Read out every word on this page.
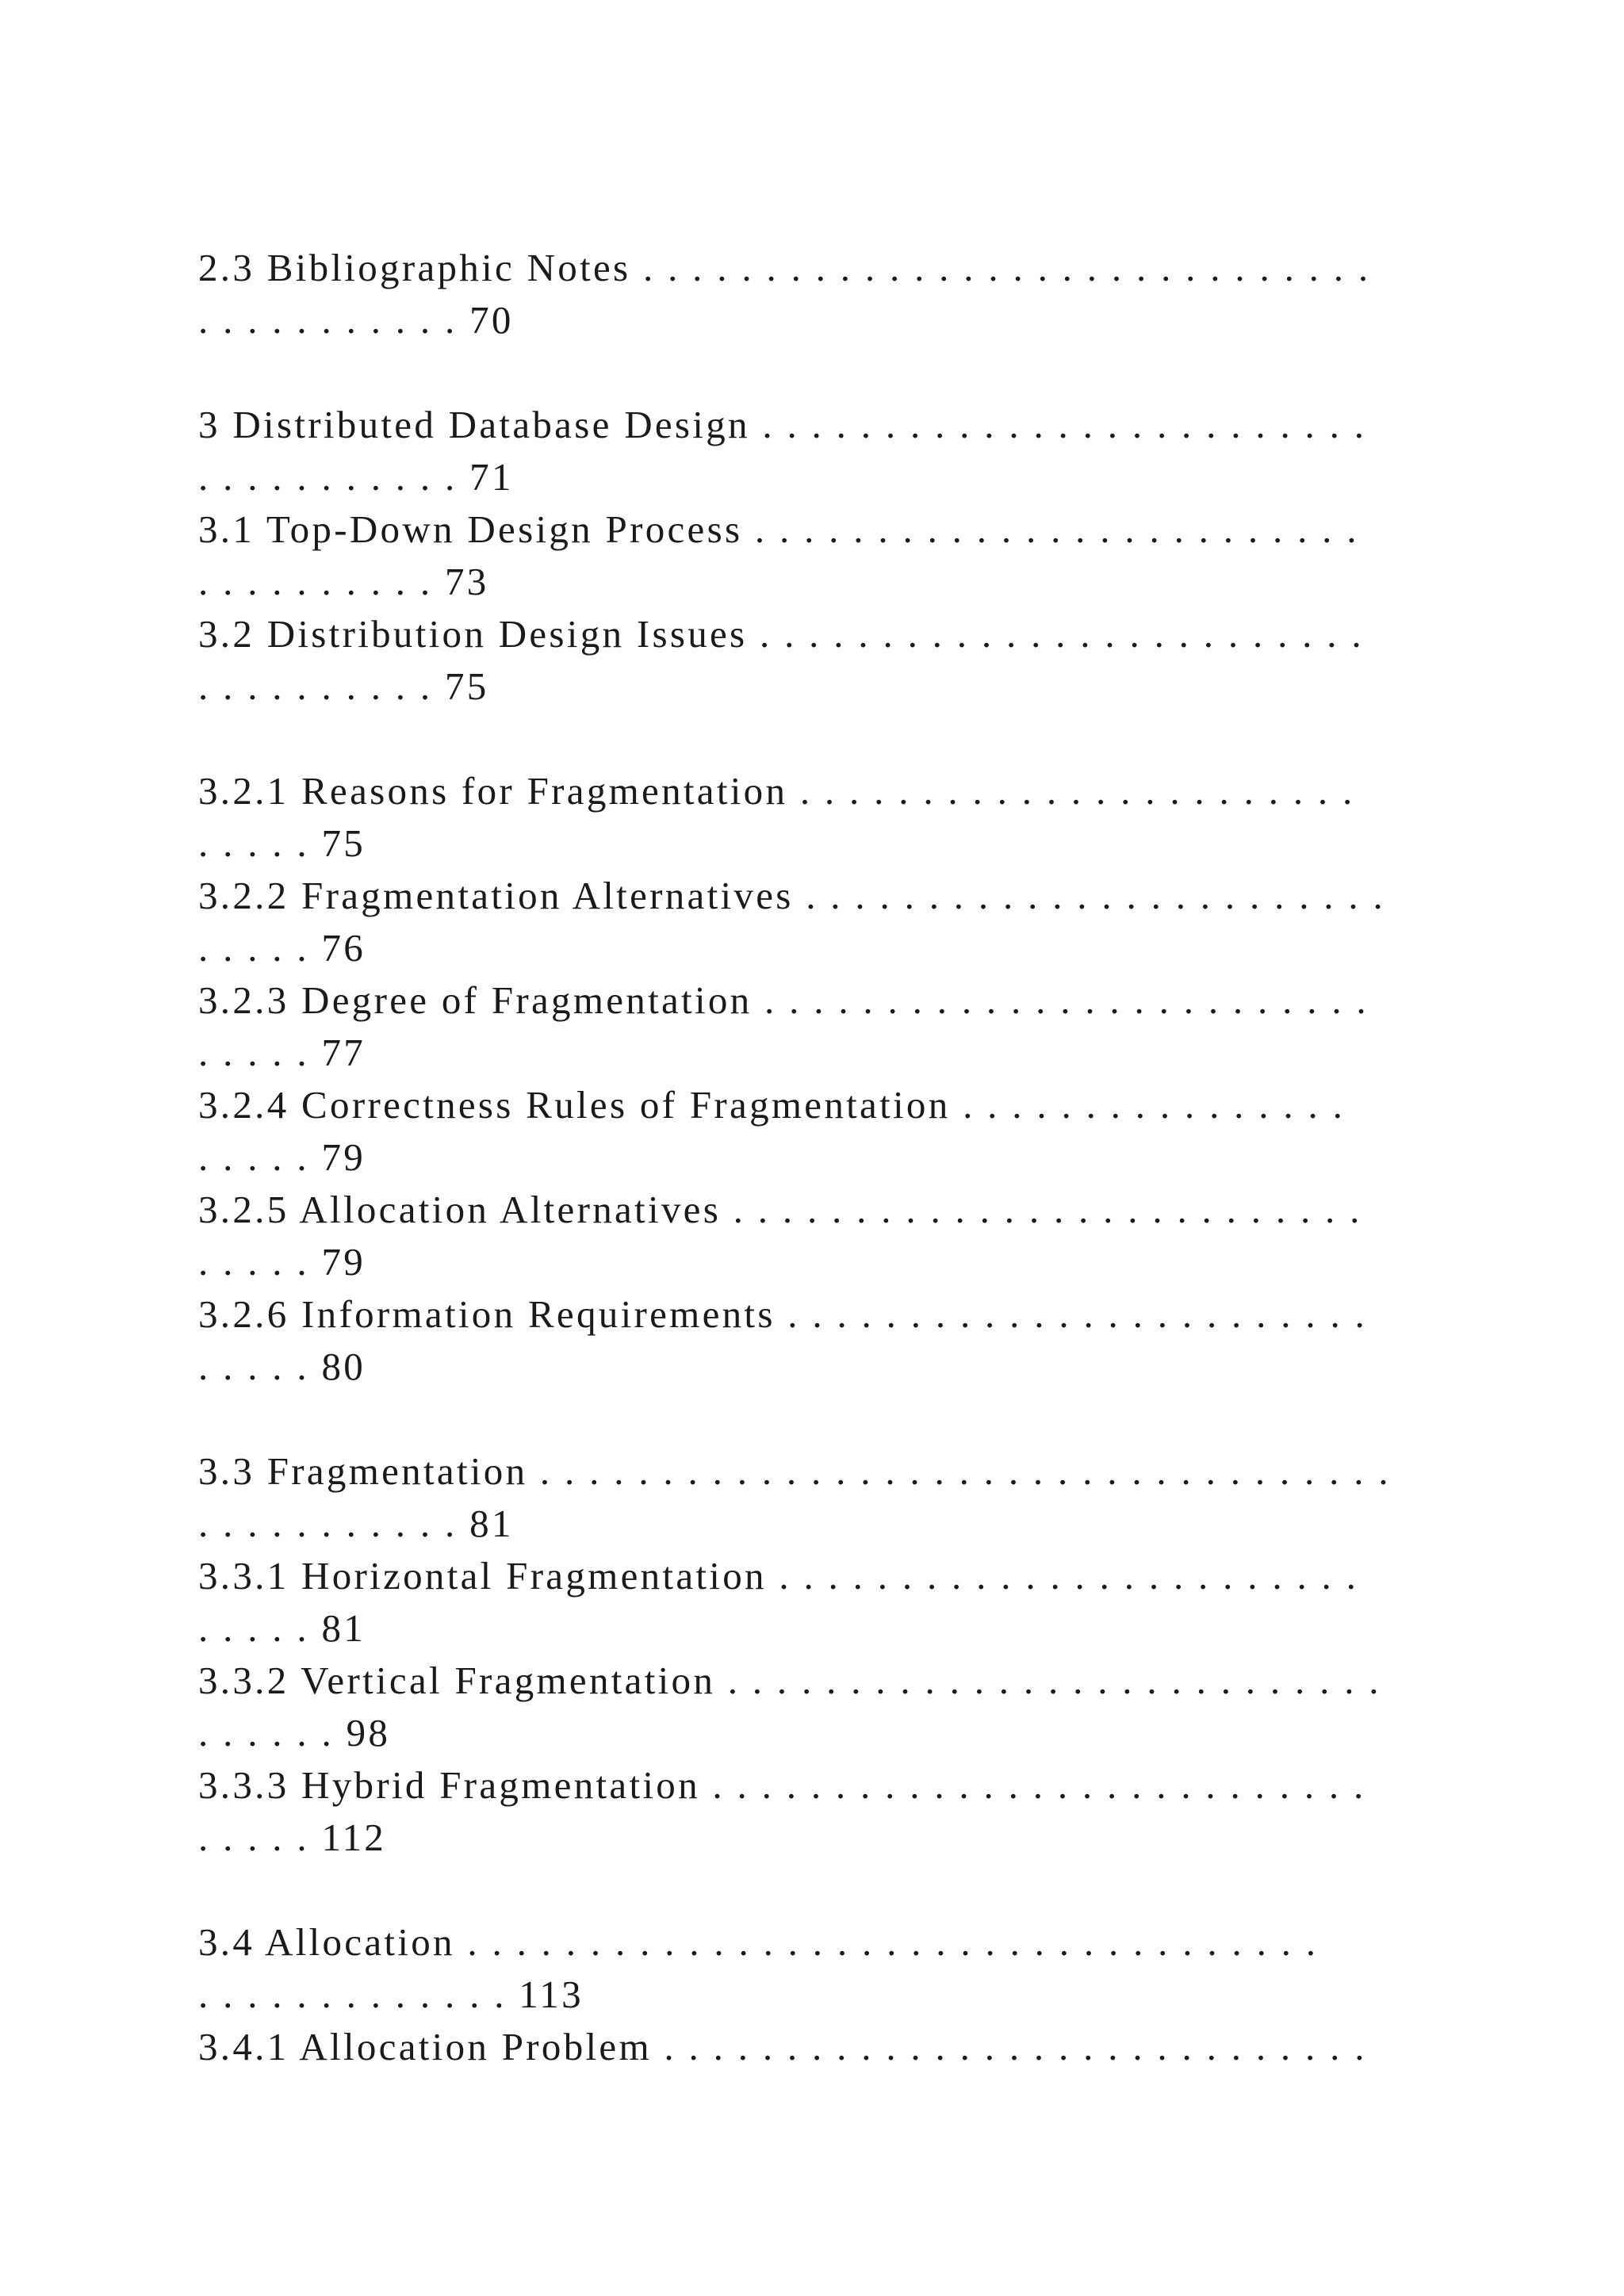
2.3 Bibliographic Notes . . . . . . . . . . . . . . . . . . . . . . . . . . . . . .
. . . . . . . . . . . 70
3 Distributed Database Design . . . . . . . . . . . . . . . . . . . . . . . . .
. . . . . . . . . . . 71
3.1 Top-Down Design Process . . . . . . . . . . . . . . . . . . . . . . . . .
. . . . . . . . . . 73
3.2 Distribution Design Issues . . . . . . . . . . . . . . . . . . . . . . . . .
. . . . . . . . . . 75
3.2.1 Reasons for Fragmentation . . . . . . . . . . . . . . . . . . . . . . .
. . . . . 75
3.2.2 Fragmentation Alternatives . . . . . . . . . . . . . . . . . . . . . . . .
. . . . . 76
3.2.3 Degree of Fragmentation . . . . . . . . . . . . . . . . . . . . . . . . .
. . . . . 77
3.2.4 Correctness Rules of Fragmentation . . . . . . . . . . . . . . . .
. . . . . 79
3.2.5 Allocation Alternatives . . . . . . . . . . . . . . . . . . . . . . . . . .
. . . . . 79
3.2.6 Information Requirements . . . . . . . . . . . . . . . . . . . . . . . .
. . . . . 80
3.3 Fragmentation . . . . . . . . . . . . . . . . . . . . . . . . . . . . . . . . . . .
. . . . . . . . . . . 81
3.3.1 Horizontal Fragmentation . . . . . . . . . . . . . . . . . . . . . . . .
. . . . . 81
3.3.2 Vertical Fragmentation . . . . . . . . . . . . . . . . . . . . . . . . . . .
. . . . . . 98
3.3.3 Hybrid Fragmentation . . . . . . . . . . . . . . . . . . . . . . . . . . .
. . . . . 112
3.4 Allocation . . . . . . . . . . . . . . . . . . . . . . . . . . . . . . . . . . .
. . . . . . . . . . . . . 113
3.4.1 Allocation Problem . . . . . . . . . . . . . . . . . . . . . . . . . . . . .
